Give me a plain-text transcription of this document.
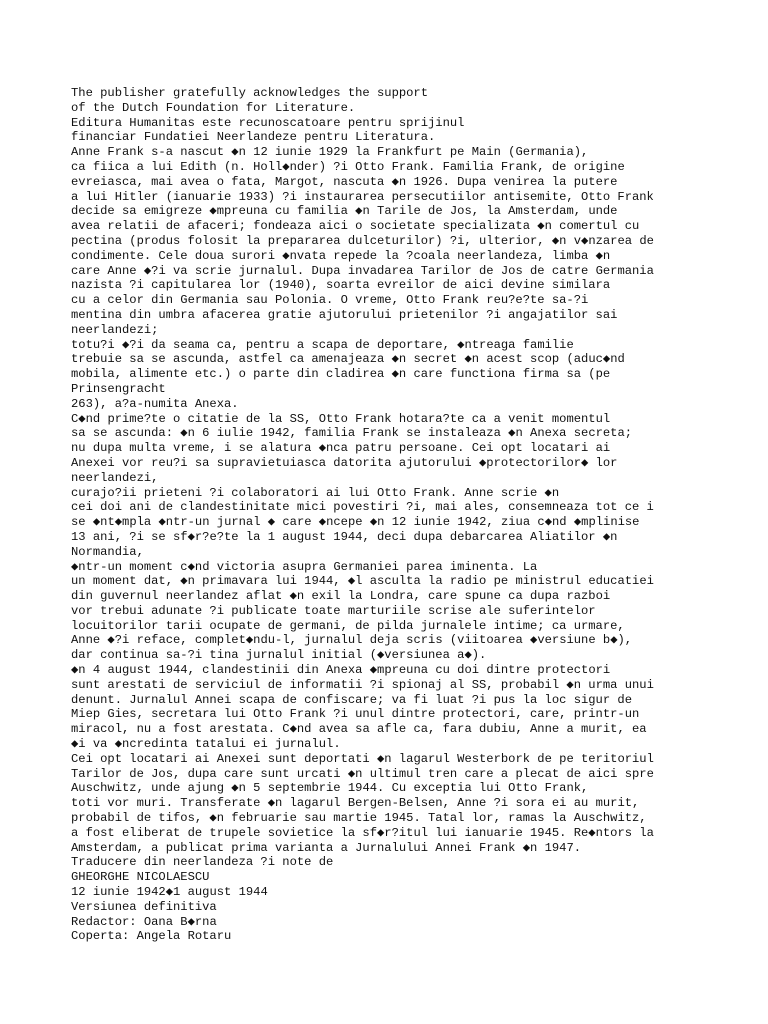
The publisher gratefully acknowledges the support
of the Dutch Foundation for Literature.
Editura Humanitas este recunoscatoare pentru sprijinul
financiar Fundatiei Neerlandeze pentru Literatura.
Anne Frank s-a nascut ◆n 12 iunie 1929 la Frankfurt pe Main (Germania),
ca fiica a lui Edith (n. Holl◆nder) ?i Otto Frank. Familia Frank, de origine
evreiasca, mai avea o fata, Margot, nascuta ◆n 1926. Dupa venirea la putere
a lui Hitler (ianuarie 1933) ?i instaurarea persecutiilor antisemite, Otto Frank
decide sa emigreze ◆mpreuna cu familia ◆n Tarile de Jos, la Amsterdam, unde
avea relatii de afaceri; fondeaza aici o societate specializata ◆n comertul cu
pectina (produs folosit la prepararea dulceturilor) ?i, ulterior, ◆n v◆nzarea de
condimente. Cele doua surori ◆nvata repede la ?coala neerlandeza, limba ◆n
care Anne ◆?i va scrie jurnalul. Dupa invadarea Tarilor de Jos de catre Germania
nazista ?i capitularea lor (1940), soarta evreilor de aici devine similara
cu a celor din Germania sau Polonia. O vreme, Otto Frank reu?e?te sa-?i
mentina din umbra afacerea gratie ajutorului prietenilor ?i angajatilor sai
neerlandezi;
totu?i ◆?i da seama ca, pentru a scapa de deportare, ◆ntreaga familie
trebuie sa se ascunda, astfel ca amenajeaza ◆n secret ◆n acest scop (aduc◆nd
mobila, alimente etc.) o parte din cladirea ◆n care functiona firma sa (pe
Prinsengracht
263), a?a-numita Anexa.
C◆nd prime?te o citatie de la SS, Otto Frank hotara?te ca a venit momentul
sa se ascunda: ◆n 6 iulie 1942, familia Frank se instaleaza ◆n Anexa secreta;
nu dupa multa vreme, i se alatura ◆nca patru persoane. Cei opt locatari ai
Anexei vor reu?i sa supravietuiasca datorita ajutorului ◆protectorilor◆ lor
neerlandezi,
curajo?ii prieteni ?i colaboratori ai lui Otto Frank. Anne scrie ◆n
cei doi ani de clandestinitate mici povestiri ?i, mai ales, consemneaza tot ce i
se ◆nt◆mpla ◆ntr-un jurnal ◆ care ◆ncepe ◆n 12 iunie 1942, ziua c◆nd ◆mplinise
13 ani, ?i se sf◆r?e?te la 1 august 1944, deci dupa debarcarea Aliatilor ◆n
Normandia,
◆ntr-un moment c◆nd victoria asupra Germaniei parea iminenta. La
un moment dat, ◆n primavara lui 1944, ◆l asculta la radio pe ministrul educatiei
din guvernul neerlandez aflat ◆n exil la Londra, care spune ca dupa razboi
vor trebui adunate ?i publicate toate marturiile scrise ale suferintelor
locuitorilor tarii ocupate de germani, de pilda jurnalele intime; ca urmare,
Anne ◆?i reface, complet◆ndu-l, jurnalul deja scris (viitoarea ◆versiune b◆),
dar continua sa-?i tina jurnalul initial (◆versiunea a◆).
◆n 4 august 1944, clandestinii din Anexa ◆mpreuna cu doi dintre protectori
sunt arestati de serviciul de informatii ?i spionaj al SS, probabil ◆n urma unui
denunt. Jurnalul Annei scapa de confiscare; va fi luat ?i pus la loc sigur de
Miep Gies, secretara lui Otto Frank ?i unul dintre protectori, care, printr-un
miracol, nu a fost arestata. C◆nd avea sa afle ca, fara dubiu, Anne a murit, ea
◆i va ◆ncredinta tatalui ei jurnalul.
Cei opt locatari ai Anexei sunt deportati ◆n lagarul Westerbork de pe teritoriul
Tarilor de Jos, dupa care sunt urcati ◆n ultimul tren care a plecat de aici spre
Auschwitz, unde ajung ◆n 5 septembrie 1944. Cu exceptia lui Otto Frank,
toti vor muri. Transferate ◆n lagarul Bergen-Belsen, Anne ?i sora ei au murit,
probabil de tifos, ◆n februarie sau martie 1945. Tatal lor, ramas la Auschwitz,
a fost eliberat de trupele sovietice la sf◆r?itul lui ianuarie 1945. Re◆ntors la
Amsterdam, a publicat prima varianta a Jurnalului Annei Frank ◆n 1947.
Traducere din neerlandeza ?i note de
GHEORGHE NICOLAESCU
12 iunie 1942◆1 august 1944
Versiunea definitiva
Redactor: Oana B◆rna
Coperta: Angela Rotaru
